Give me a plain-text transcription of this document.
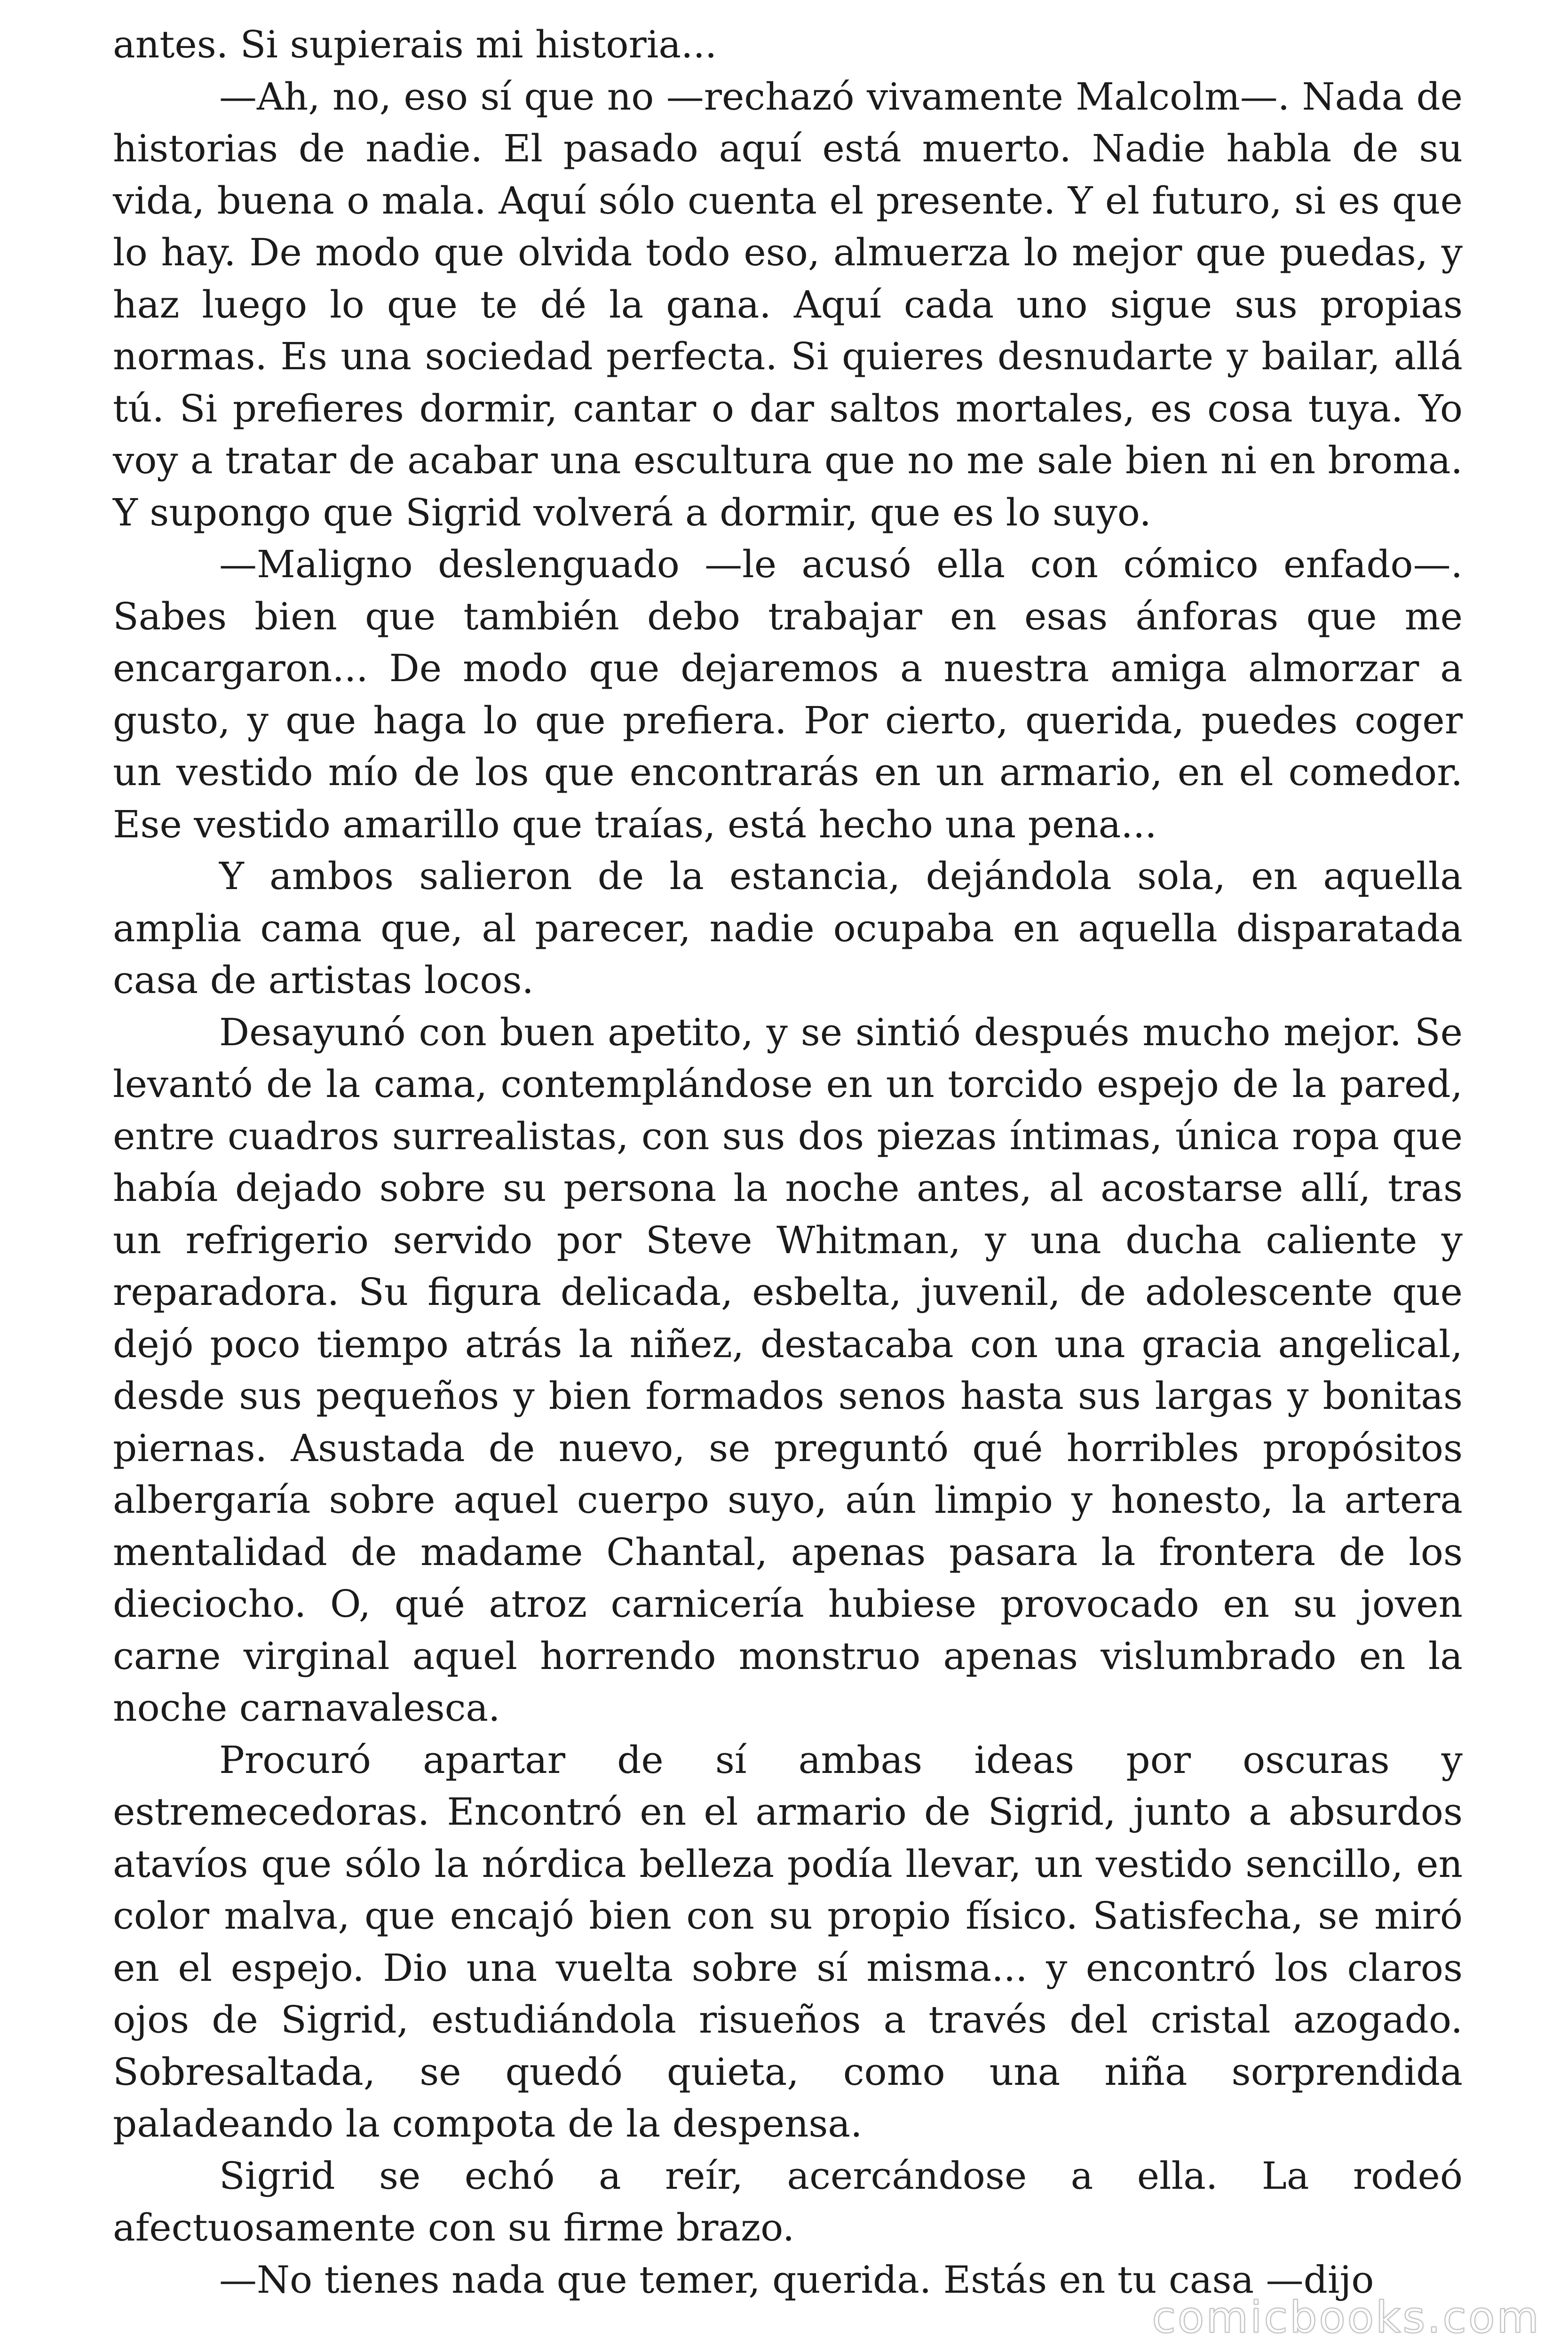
antes. Si supierais mi historia...

—Ah, no, eso sí que no —rechazó vivamente Malcolm—. Nada de historias de nadie. El pasado aquí está muerto. Nadie habla de su vida, buena o mala. Aquí sólo cuenta el presente. Y el futuro, si es que lo hay. De modo que olvida todo eso, almuerza lo mejor que puedas, y haz luego lo que te dé la gana. Aquí cada uno sigue sus propias normas. Es una sociedad perfecta. Si quieres desnudarte y bailar, allá tú. Si prefieres dormir, cantar o dar saltos mortales, es cosa tuya. Yo voy a tratar de acabar una escultura que no me sale bien ni en broma. Y supongo que Sigrid volverá a dormir, que es lo suyo.

—Maligno deslenguado —le acusó ella con cómico enfado—. Sabes bien que también debo trabajar en esas ánforas que me encargaron... De modo que dejaremos a nuestra amiga almorzar a gusto, y que haga lo que prefiera. Por cierto, querida, puedes coger un vestido mío de los que encontrarás en un armario, en el comedor. Ese vestido amarillo que traías, está hecho una pena...

Y ambos salieron de la estancia, dejándola sola, en aquella amplia cama que, al parecer, nadie ocupaba en aquella disparatada casa de artistas locos.

Desayunó con buen apetito, y se sintió después mucho mejor. Se levantó de la cama, contemplándose en un torcido espejo de la pared, entre cuadros surrealistas, con sus dos piezas íntimas, única ropa que había dejado sobre su persona la noche antes, al acostarse allí, tras un refrigerio servido por Steve Whitman, y una ducha caliente y reparadora. Su figura delicada, esbelta, juvenil, de adolescente que dejó poco tiempo atrás la niñez, destacaba con una gracia angelical, desde sus pequeños y bien formados senos hasta sus largas y bonitas piernas. Asustada de nuevo, se preguntó qué horribles propósitos albergaría sobre aquel cuerpo suyo, aún limpio y honesto, la artera mentalidad de madame Chantal, apenas pasara la frontera de los dieciocho. O, qué atroz carnicería hubiese provocado en su joven carne virginal aquel horrendo monstruo apenas vislumbrado en la noche carnavalesca.

Procuró apartar de sí ambas ideas por oscuras y estremecedoras. Encontró en el armario de Sigrid, junto a absurdos atavíos que sólo la nórdica belleza podía llevar, un vestido sencillo, en color malva, que encajó bien con su propio físico. Satisfecha, se miró en el espejo. Dio una vuelta sobre sí misma... y encontró los claros ojos de Sigrid, estudiándola risueños a través del cristal azogado. Sobresaltada, se quedó quieta, como una niña sorprendida paladeando la compota de la despensa.

Sigrid se echó a reír, acercándose a ella. La rodeó afectuosamente con su firme brazo.

—No tienes nada que temer, querida. Estás en tu casa —dijo

comicbooks.com
